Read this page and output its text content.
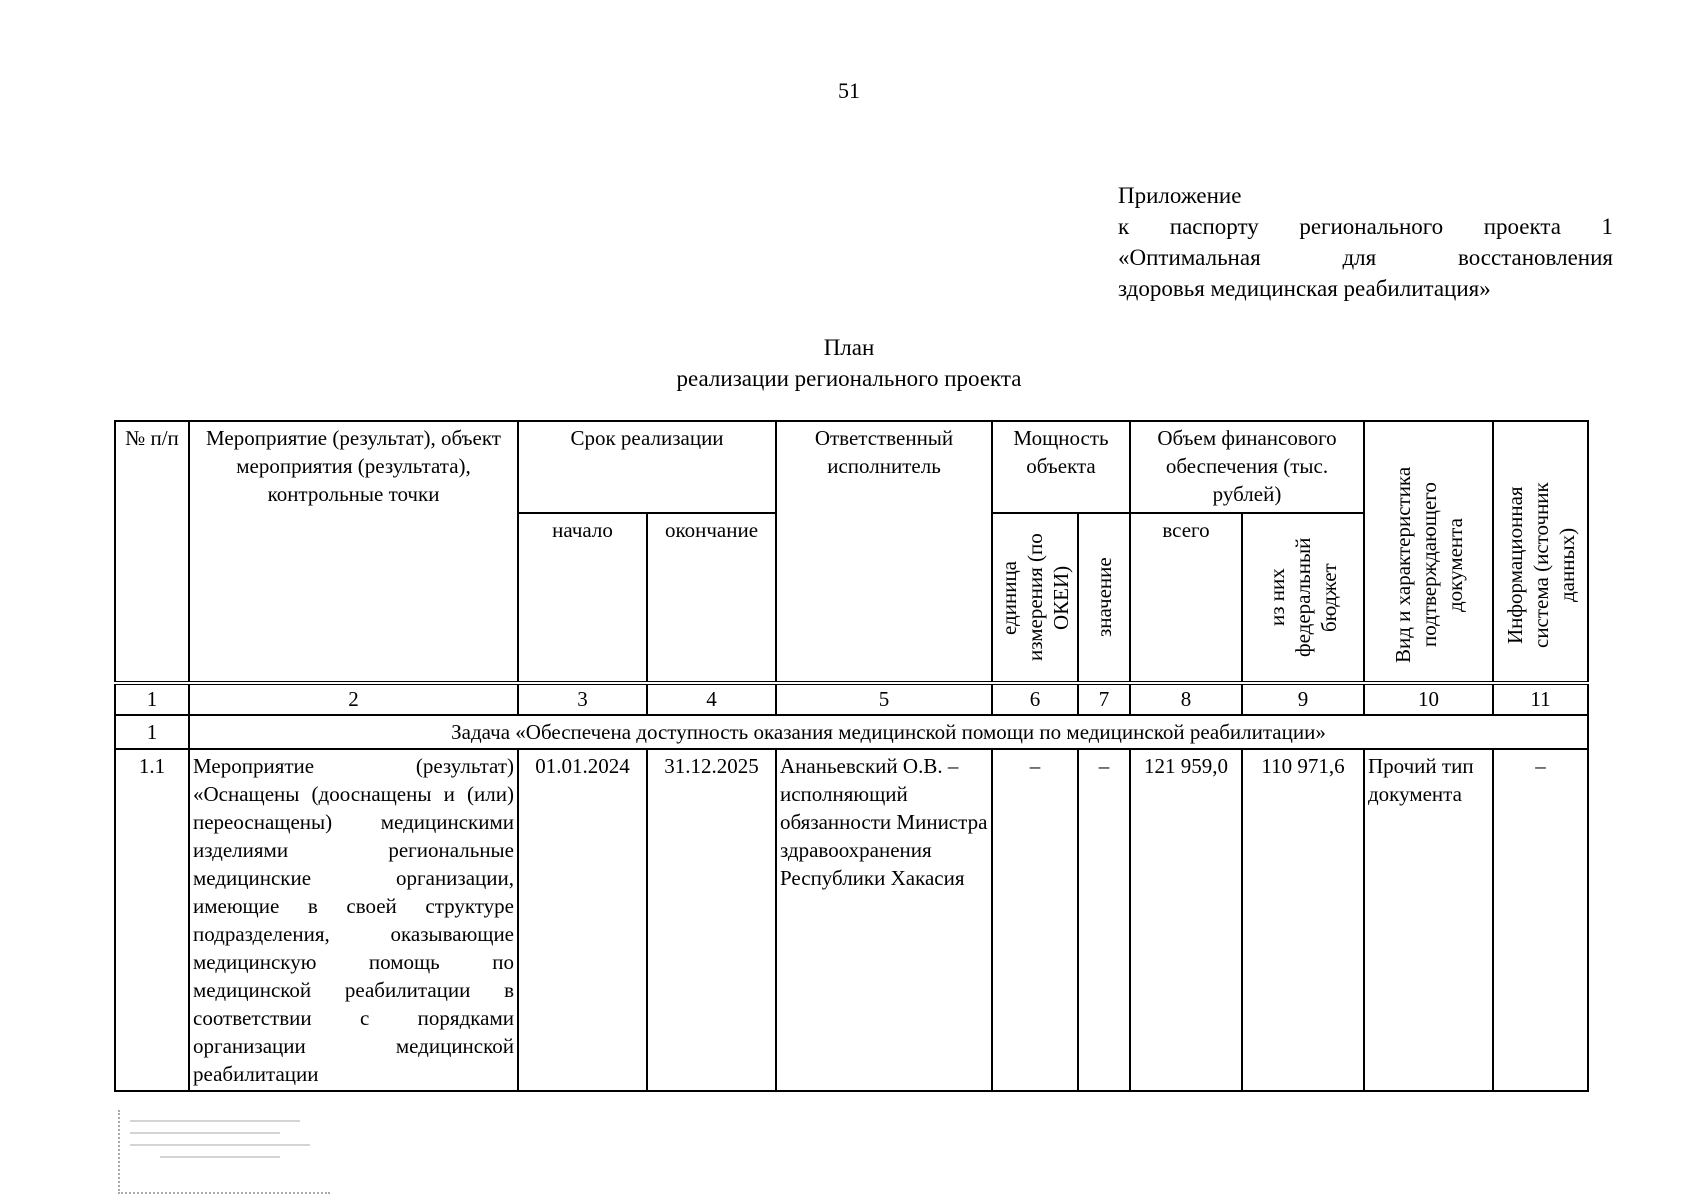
51
Приложение
к паспорту регионального проекта 1
«Оптимальная для восстановления
здоровья медицинская реабилитация»
План
реализации регионального проекта
№ п/п	Мероприятие (результат), объект мероприятия (результата), контрольные точки	Срок реализации		Ответственный исполнитель	Мощность объекта		Объем финансового обеспечения (тыс. рублей)		Вид и характеристика подтверждающего документа	Информационная система (источник данных)

		начало	окончание		единица измерения (по ОКЕИ)	значение	всего	из них федеральный бюджет		

1	2	3	4	5	6	7	8	9	10	11
1	Задача «Обеспечена доступность оказания медицинской помощи по медицинской реабилитации»									
1.1	Мероприятие (результат) «Оснащены (дооснащены и (или) переоснащены) медицинскими изделиями региональные медицинские организации, имеющие в своей структуре подразделения, оказывающие медицинскую помощь по медицинской реабилитации в соответствии с порядками организации медицинской реабилитации	01.01.2024	31.12.2025	Ананьевский О.В. – исполняющий обязанности Министра здравоохранения Республики Хакасия	–	–	121 959,0	110 971,6	Прочий тип документа	–
